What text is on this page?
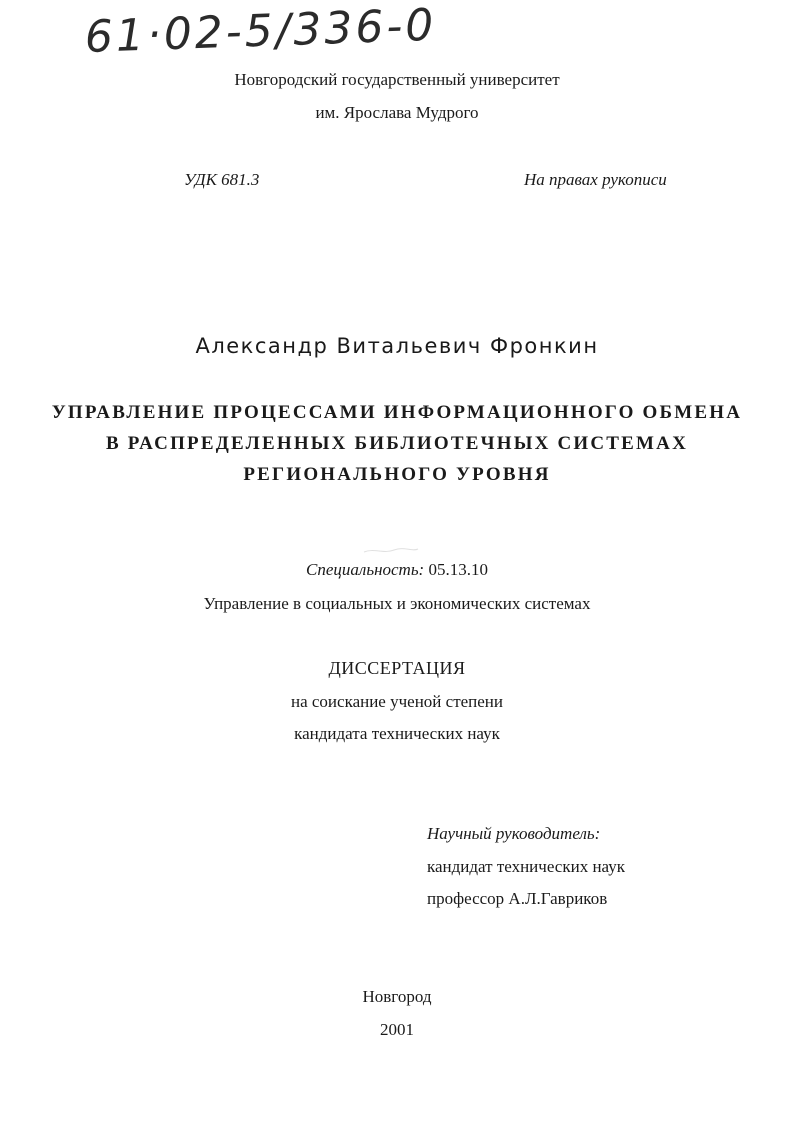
61·02-5/336-0
Новгородский государственный университет
им. Ярослава Мудрого
УДК 681.3	На правах рукописи
Александр Витальевич Фронкин
УПРАВЛЕНИЕ ПРОЦЕССАМИ ИНФОРМАЦИОННОГО ОБМЕНА
В РАСПРЕДЕЛЕННЫХ БИБЛИОТЕЧНЫХ СИСТЕМАХ
РЕГИОНАЛЬНОГО УРОВНЯ
Специальность: 05.13.10
Управление в социальных и экономических системах
ДИССЕРТАЦИЯ
на соискание ученой степени
кандидата технических наук
Научный руководитель:
кандидат технических наук
профессор А.Л.Гавриков
Новгород
2001
